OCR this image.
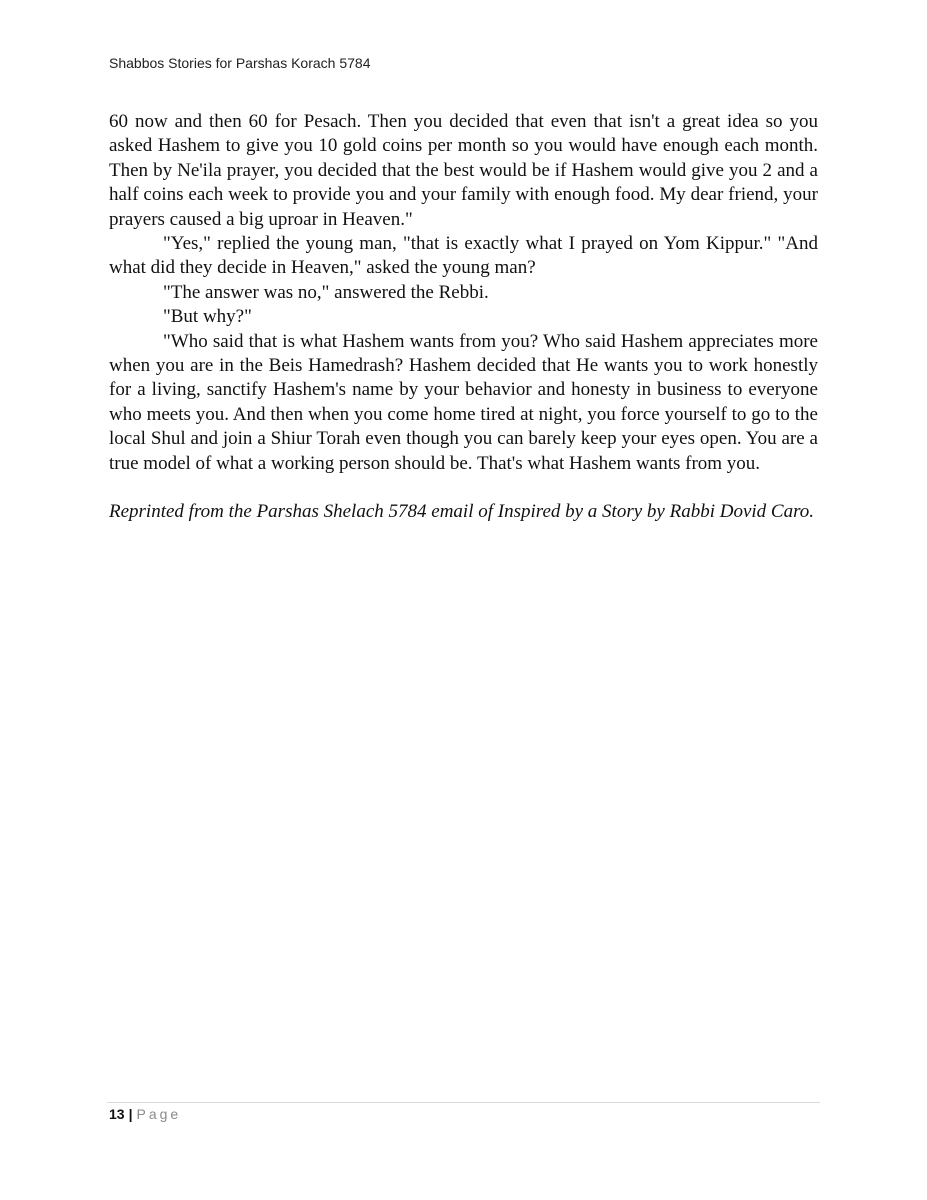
Shabbos Stories for Parshas Korach 5784

60 now and then 60 for Pesach. Then you decided that even that isn't a great idea so you asked Hashem to give you 10 gold coins per month so you would have enough each month. Then by Ne'ila prayer, you decided that the best would be if Hashem would give you 2 and a half coins each week to provide you and your family with enough food. My dear friend, your prayers caused a big uproar in Heaven."

"Yes," replied the young man, "that is exactly what I prayed on Yom Kippur." "And what did they decide in Heaven," asked the young man?

"The answer was no," answered the Rebbi.

"But why?"

"Who said that is what Hashem wants from you? Who said Hashem appreciates more when you are in the Beis Hamedrash? Hashem decided that He wants you to work honestly for a living, sanctify Hashem's name by your behavior and honesty in business to everyone who meets you. And then when you come home tired at night, you force yourself to go to the local Shul and join a Shiur Torah even though you can barely keep your eyes open. You are a true model of what a working person should be. That's what Hashem wants from you.

Reprinted from the Parshas Shelach 5784 email of Inspired by a Story by Rabbi Dovid Caro.

13 | Page
